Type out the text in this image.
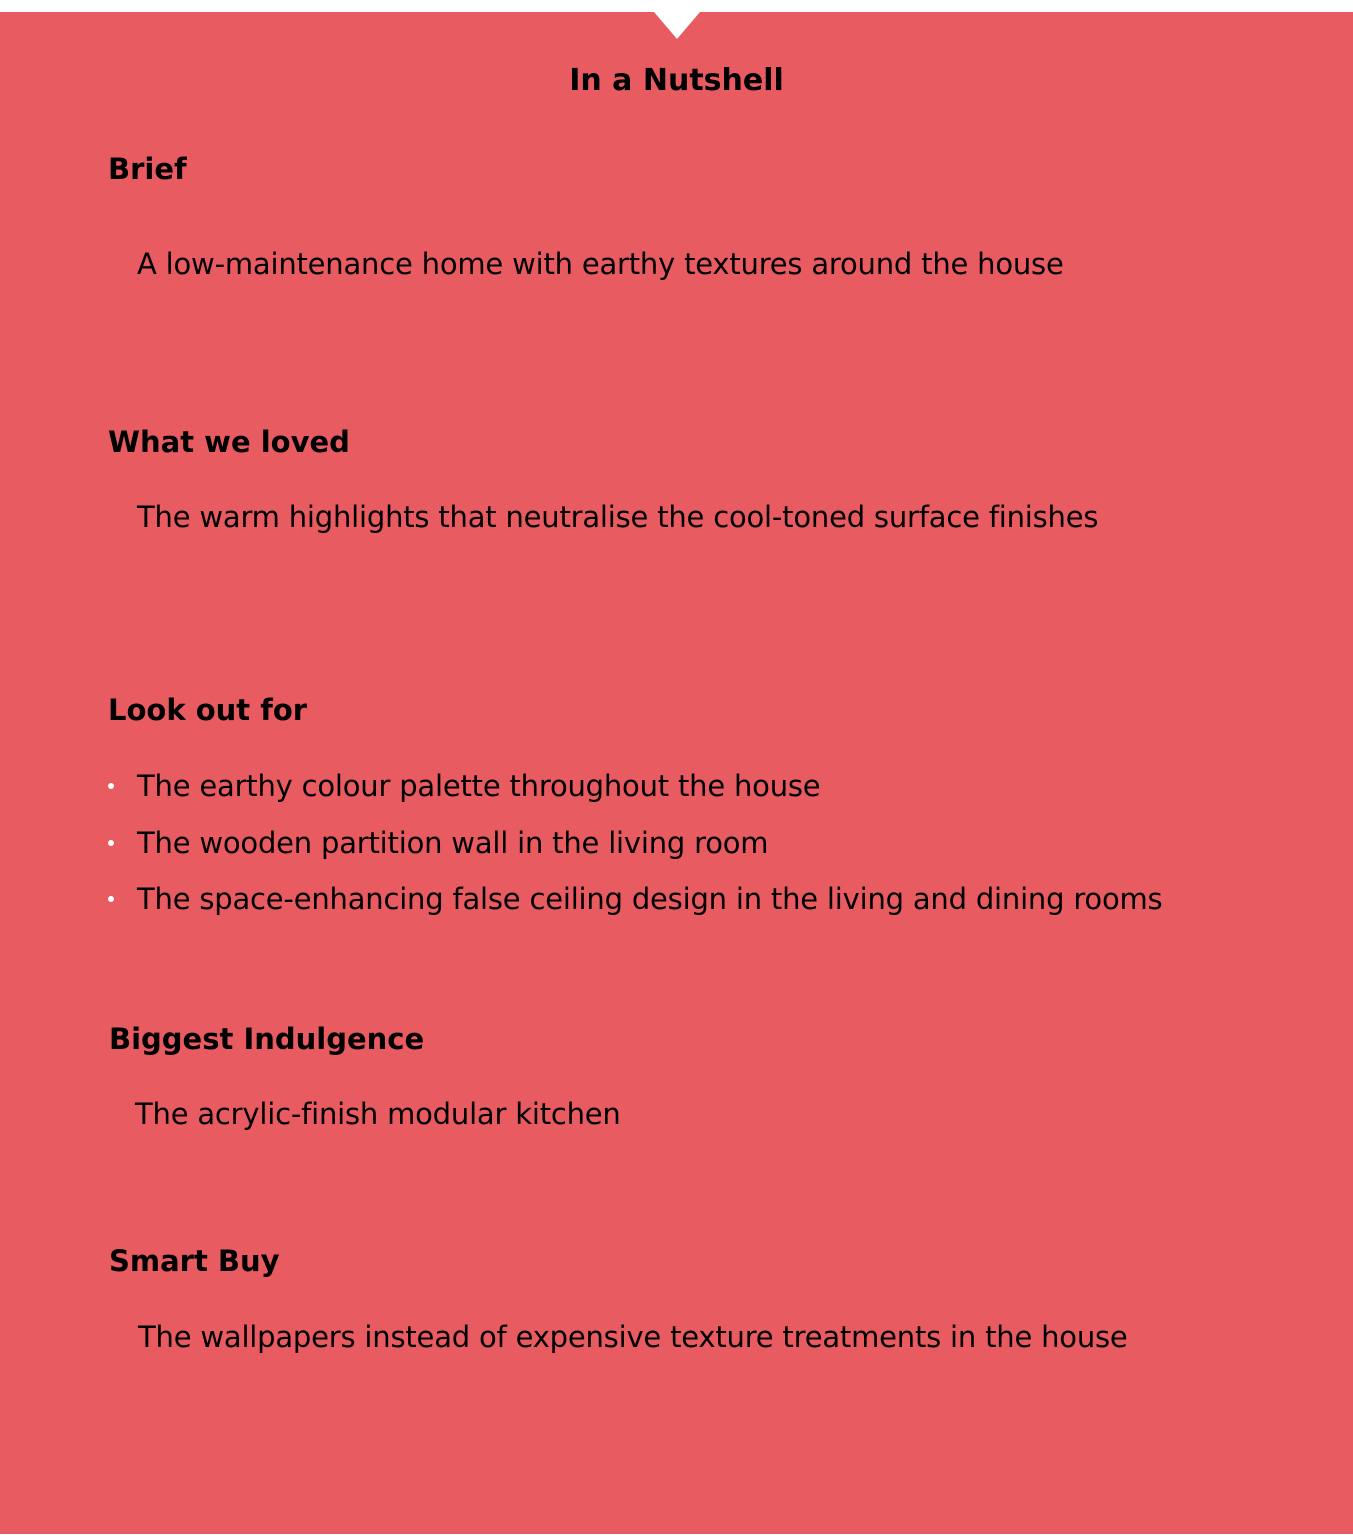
In a Nutshell
Brief

A low-maintenance home with earthy textures around the house

What we loved

The warm highlights that neutralise the cool-toned surface finishes

Look out for
The earthy colour palette throughout the house
The wooden partition wall in the living room
The space-enhancing false ceiling design in the living and dining rooms
Biggest Indulgence

The acrylic-finish modular kitchen

Smart Buy

The wallpapers instead of expensive texture treatments in the house
